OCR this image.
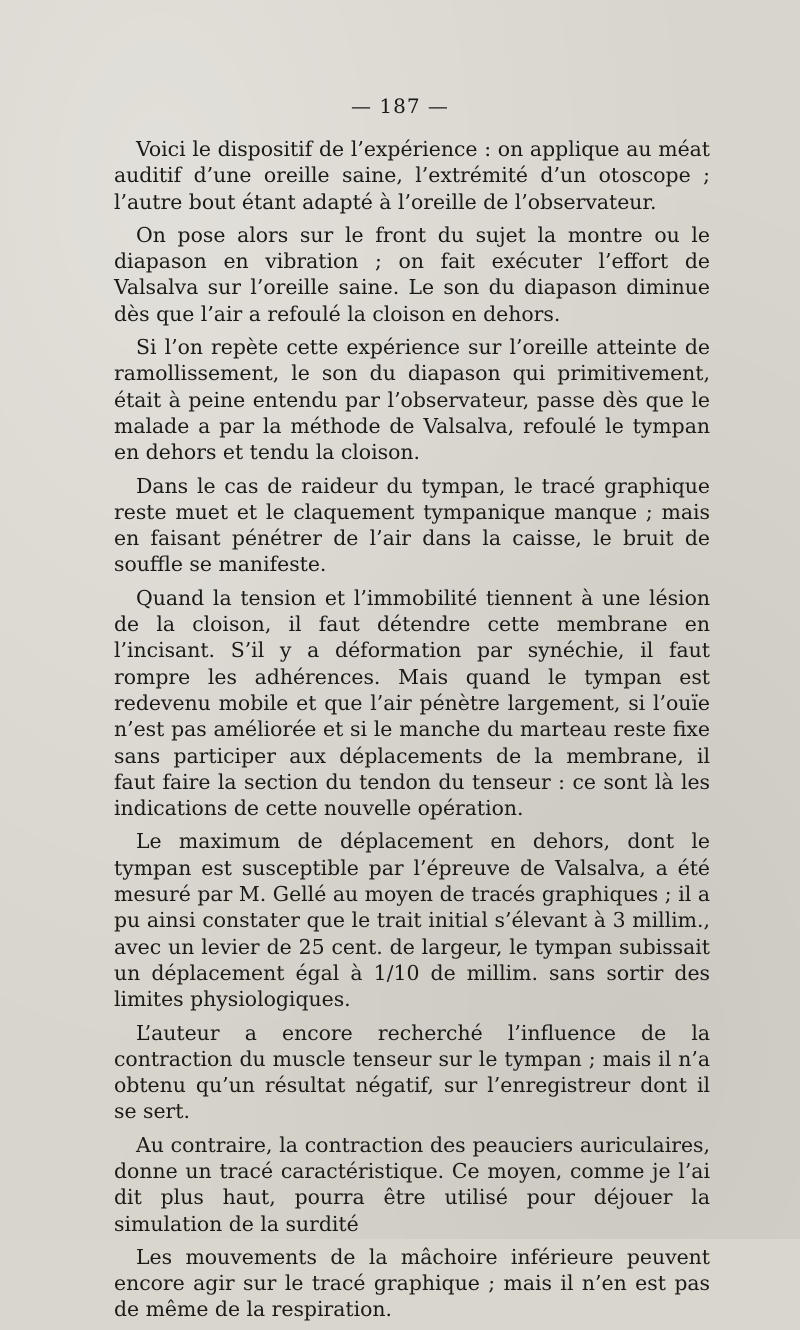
— 187 —

Voici le dispositif de l’expérience : on applique au méat auditif d’une oreille saine, l’extrémité d’un otoscope ; l’autre bout étant adapté à l’oreille de l’observateur.

On pose alors sur le front du sujet la montre ou le diapason en vibration ; on fait exécuter l’effort de Valsalva sur l’oreille saine. Le son du diapason diminue dès que l’air a refoulé la cloison en dehors.

Si l’on repète cette expérience sur l’oreille atteinte de ramollissement, le son du diapason qui primitivement, était à peine entendu par l’observateur, passe dès que le malade a par la méthode de Valsalva, refoulé le tympan en dehors et tendu la cloison.

Dans le cas de raideur du tympan, le tracé graphique reste muet et le claquement tympanique manque ; mais en faisant pénétrer de l’air dans la caisse, le bruit de souffle se manifeste.

Quand la tension et l’immobilité tiennent à une lésion de la cloison, il faut détendre cette membrane en l’incisant. S’il y a déformation par synéchie, il faut rompre les adhérences. Mais quand le tympan est redevenu mobile et que l’air pénètre largement, si l’ouïe n’est pas améliorée et si le manche du marteau reste fixe sans participer aux déplacements de la membrane, il faut faire la section du tendon du tenseur : ce sont là les indications de cette nouvelle opération.

Le maximum de déplacement en dehors, dont le tympan est susceptible par l’épreuve de Valsalva, a été mesuré par M. Gellé au moyen de tracés graphiques ; il a pu ainsi constater que le trait initial s’élevant à 3 millim., avec un levier de 25 cent. de largeur, le tympan subissait un déplacement égal à 1/10 de millim. sans sortir des limites physiologiques.

L’auteur a encore recherché l’influence de la contraction du muscle tenseur sur le tympan ; mais il n’a obtenu qu’un résultat négatif, sur l’enregistreur dont il se sert.

Au contraire, la contraction des peauciers auriculaires, donne un tracé caractéristique. Ce moyen, comme je l’ai dit plus haut, pourra être utilisé pour déjouer la simulation de la surdité

Les mouvements de la mâchoire inférieure peuvent encore agir sur le tracé graphique ; mais il n’en est pas de même de la respiration.
